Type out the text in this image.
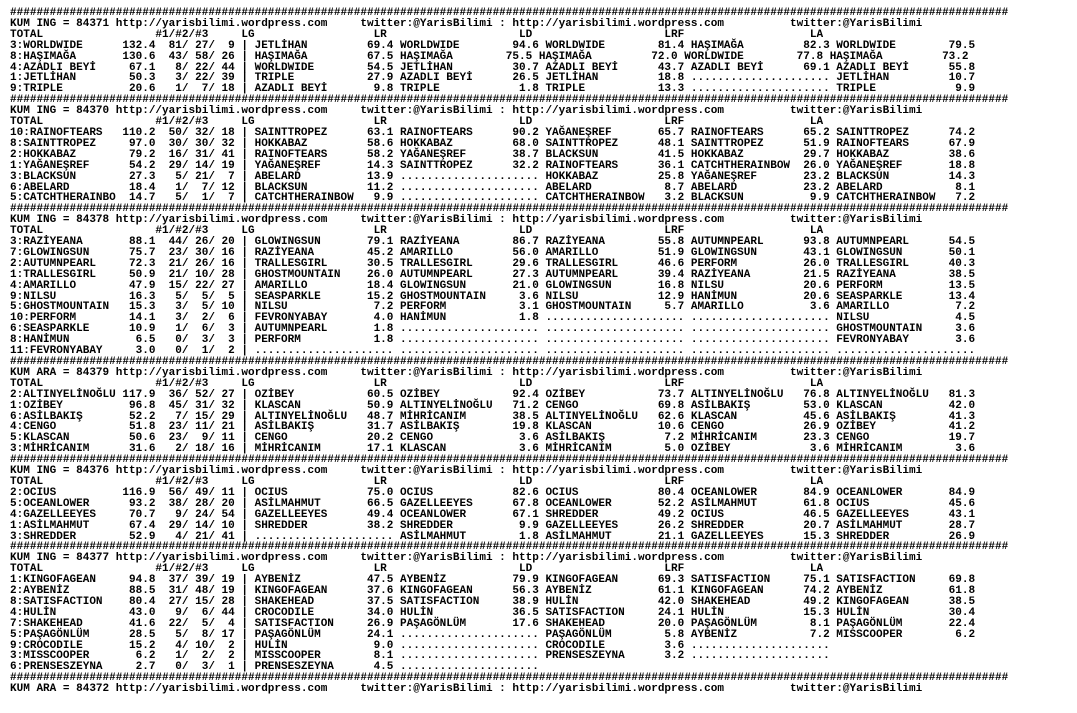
#######################################################################################################################################################
KUM ING = 84371 http://yarisbilimi.wordpress.com     twitter:@YarisBilimi : http://yarisbilimi.wordpress.com          twitter:@YarisBilimi
TOTAL                 #1/#2/#3     LG                  LR                    LD                    LRF                   LA
3:WORLDWIDE      132.4  81/ 27/  9 | JETLİHAN         69.4 WORLDWIDE        94.6 WORLDWIDE        81.4 HAŞIMAĞA         82.3 WORLDWIDE        79.5
8:HAŞIMAĞA       130.6  43/ 58/ 26 | HAŞIMAĞA         67.5 HAŞIMAĞA        75.5 HAŞIMAĞA         72.0 WORLDWIDE        77.8 HAŞIMAĞA         73.2
4:AZADLI BEYİ     67.1   8/ 22/ 44 | WORLDWIDE        54.5 JETLİHAN         30.7 AZADLI BEYİ      43.7 AZADLI BEYİ      69.1 AZADLI BEYİ      55.8
1:JETLİHAN        50.3   3/ 22/ 39 | TRIPLE           27.9 AZADLI BEYİ      26.5 JETLİHAN         18.8 ..................... JETLİHAN         10.7
9:TRIPLE          20.6   1/  7/ 18 | AZADLI BEYİ       9.8 TRIPLE            1.8 TRIPLE           13.3 ..................... TRIPLE            9.9
#######################################################################################################################################################
KUM ING = 84370 http://yarisbilimi.wordpress.com     twitter:@YarisBilimi : http://yarisbilimi.wordpress.com          twitter:@YarisBilimi
TOTAL                 #1/#2/#3     LG                  LR                    LD                    LRF                   LA
10:RAINOFTEARS   110.2  50/ 32/ 18 | SAINTTROPEZ      63.1 RAINOFTEARS      90.2 YAĞANEŞREF       65.7 RAINOFTEARS      65.2 SAINTTROPEZ      74.2
8:SAINTTROPEZ     97.0  30/ 30/ 32 | HOKKABAZ         58.6 HOKKABAZ         68.0 SAINTTROPEZ      48.1 SAINTTROPEZ      51.9 RAINOFTEARS      67.9
2:HOKKABAZ        79.2  16/ 31/ 41 | RAINOFTEARS      58.2 YAĞANEŞREF       38.7 BLACKSUN         41.5 HOKKABAZ         29.7 HOKKABAZ         38.6
1:YAĞANEŞREF      54.2  29/ 14/ 19 | YAĞANEŞREF       14.3 SAINTTROPEZ      32.2 RAINOFTEARS      36.1 CATCHTHERAINBOW  26.0 YAĞANEŞREF       18.8
3:BLACKSUN        27.3   5/ 21/  7 | ABELARD          13.9 ..................... HOKKABAZ         25.8 YAĞANEŞREF       23.2 BLACKSUN         14.3
6:ABELARD         18.4   1/  7/ 12 | BLACKSUN         11.2 ..................... ABELARD           8.7 ABELARD          23.2 ABELARD           8.1
5:CATCHTHERAINBO  14.7   5/  1/  7 | CATCHTHERAINBOW   9.9 ..................... CATCHTHERAINBOW   3.2 BLACKSUN          9.9 CATCHTHERAINBOW   7.2
#######################################################################################################################################################
KUM ING = 84378 http://yarisbilimi.wordpress.com     twitter:@YarisBilimi : http://yarisbilimi.wordpress.com          twitter:@YarisBilimi
TOTAL                 #1/#2/#3     LG                  LR                    LD                    LRF                   LA
3:RAZİYEANA       88.1  44/ 26/ 20 | GLOWINGSUN       79.1 RAZİYEANA        86.7 RAZİYEANA        55.8 AUTUMNPEARL      93.8 AUTUMNPEARL      54.5
7:GLOWINGSUN      75.7  23/ 30/ 16 | RAZİYEANA        45.2 AMARILLO         56.0 AMARILLO         51.9 GLOWINGSUN       43.1 GLOWINGSUN       50.1
2:AUTUMNPEARL     72.3  21/ 26/ 16 | TRALLESGIRL      30.5 TRALLESGIRL      29.6 TRALLESGIRL      46.6 PERFORM          26.0 TRALLESGIRL      40.3
1:TRALLESGIRL     50.9  21/ 10/ 28 | GHOSTMOUNTAIN    26.0 AUTUMNPEARL      27.3 AUTUMNPEARL      39.4 RAZİYEANA        21.5 RAZİYEANA        38.5
4:AMARILLO        47.9  15/ 22/ 27 | AMARILLO         18.4 GLOWINGSUN       21.0 GLOWINGSUN       16.8 NILSU            20.6 PERFORM          13.5
9:NILSU           16.3   5/  5/  5 | SEASPARKLE       15.2 GHOSTMOUNTAIN     3.6 NILSU            12.9 HANİMUN          20.6 SEASPARKLE       13.4
5:GHOSTMOUNTAIN   15.3   3/  5/ 10 | NILSU             7.2 PERFORM           3.1 GHOSTMOUNTAIN     5.7 AMARILLO          3.6 AMARILLO          7.2
10:PERFORM        14.1   3/  2/  6 | FEVRONYABAY       4.0 HANİMUN           1.8 ..................... ..................... NILSU             4.5
6:SEASPARKLE      10.9   1/  6/  3 | AUTUMNPEARL       1.8 ..................... ..................... ..................... GHOSTMOUNTAIN     3.6
8:HANİMUN          6.5   0/  3/  3 | PERFORM           1.8 ..................... ..................... ..................... FEVRONYABAY       3.6
11:FEVRONYABAY     3.0   0/  1/  2 | ..................... ..................... ..................... ..................... .....................
#######################################################################################################################################################
KUM ARA = 84379 http://yarisbilimi.wordpress.com     twitter:@YarisBilimi : http://yarisbilimi.wordpress.com          twitter:@YarisBilimi
TOTAL                 #1/#2/#3     LG                  LR                    LD                    LRF                   LA
2:ALTINYELİNOĞLU 117.9  36/ 52/ 27 | OZİBEY           60.5 OZİBEY           92.4 OZİBEY           73.7 ALTINYELİNOĞLU   76.8 ALTINYELİNOĞLU   81.3
1:OZİBEY          96.8  45/ 31/ 32 | KLASCAN          50.9 ALTINYELİNOĞLU   71.2 CENGO            69.8 ASİLBAKIŞ        53.0 KLASCAN          42.0
6:ASİLBAKIŞ       52.2   7/ 15/ 29 | ALTINYELİNOĞLU   48.7 MİHRİCANIM       38.5 ALTINYELİNOĞLU   62.6 KLASCAN          45.6 ASİLBAKIŞ        41.3
4:CENGO           51.8  23/ 11/ 21 | ASİLBAKIŞ        31.7 ASİLBAKIŞ        19.8 KLASCAN          10.6 CENGO            26.9 OZİBEY           41.2
5:KLASCAN         50.6  23/  9/ 11 | CENGO            20.2 CENGO             3.6 ASİLBAKIŞ         7.2 MİHRİCANIM       23.3 CENGO            19.7
3:MİHRİCANIM      31.6   2/ 18/ 16 | MİHRİCANIM       17.1 KLASCAN           3.6 MİHRİCANIM        5.0 OZİBEY            3.6 MİHRİCANIM        3.6
#######################################################################################################################################################
KUM ING = 84376 http://yarisbilimi.wordpress.com     twitter:@YarisBilimi : http://yarisbilimi.wordpress.com          twitter:@YarisBilimi
TOTAL                 #1/#2/#3     LG                  LR                    LD                    LRF                   LA
2:OCIUS          116.9  56/ 49/ 11 | OCIUS            75.0 OCIUS            82.6 OCIUS            80.4 OCEANLOWER       84.9 OCEANLOWER       84.9
5:OCEANLOWER      93.2  38/ 28/ 20 | ASİLMAHMUT       66.5 GAZELLEEYES      67.8 OCEANLOWER       52.2 ASİLMAHMUT       61.8 OCIUS            45.6
4:GAZELLEEYES     70.7   9/ 24/ 54 | GAZELLEEYES      49.4 OCEANLOWER       67.1 SHREDDER         49.2 OCIUS            46.5 GAZELLEEYES      43.1
1:ASİLMAHMUT      67.4  29/ 14/ 10 | SHREDDER         38.2 SHREDDER          9.9 GAZELLEEYES      26.2 SHREDDER         20.7 ASİLMAHMUT       28.7
3:SHREDDER        52.9   4/ 21/ 41 | ..................... ASİLMAHMUT        1.8 ASİLMAHMUT       21.1 GAZELLEEYES      15.3 SHREDDER         26.9
#######################################################################################################################################################
KUM ING = 84377 http://yarisbilimi.wordpress.com     twitter:@YarisBilimi : http://yarisbilimi.wordpress.com          twitter:@YarisBilimi
TOTAL                 #1/#2/#3     LG                  LR                    LD                    LRF                   LA
1:KINGOFAGEAN     94.8  37/ 39/ 19 | AYBENİZ          47.5 AYBENİZ          79.9 KINGOFAGEAN      69.3 SATISFACTION     75.1 SATISFACTION     69.8
2:AYBENİZ         88.5  31/ 48/ 19 | KINGOFAGEAN      37.6 KINGOFAGEAN      56.3 AYBENİZ          61.1 KINGOFAGEAN      74.2 AYBENİZ          61.8
8:SATISFACTION    80.4  27/ 15/ 28 | SHAKEHEAD        37.5 SATISFACTION     38.9 HULİN            42.0 SHAKEHEAD        49.2 KINGOFAGEAN      38.5
4:HULİN           43.0   9/  6/ 44 | CROCODILE        34.0 HULİN            36.5 SATISFACTION     24.1 HULİN            15.3 HULİN            30.4
7:SHAKEHEAD       41.6  22/  5/  4 | SATISFACTION     26.9 PAŞAGÖNLÜM       17.6 SHAKEHEAD        20.0 PAŞAGÖNLÜM        8.1 PAŞAGÖNLÜM       22.4
5:PAŞAGÖNLÜM      28.5   5/  8/ 17 | PAŞAGÖNLÜM       24.1 ..................... PAŞAGÖNLÜM        5.8 AYBENİZ           7.2 MISSCOOPER        6.2
9:CROCODILE       15.2   4/ 10/  2 | HULİN             9.0 ..................... CROCODILE         3.6 .....................
3:MISSCOOPER       6.2   1/  2/  2 | MISSCOOPER        8.1 ..................... PRENSESZEYNA      3.2 .....................
6:PRENSESZEYNA     2.7   0/  3/  1 | PRENSESZEYNA      4.5 .....................
#######################################################################################################################################################
KUM ARA = 84372 http://yarisbilimi.wordpress.com     twitter:@YarisBilimi : http://yarisbilimi.wordpress.com          twitter:@YarisBilimi
